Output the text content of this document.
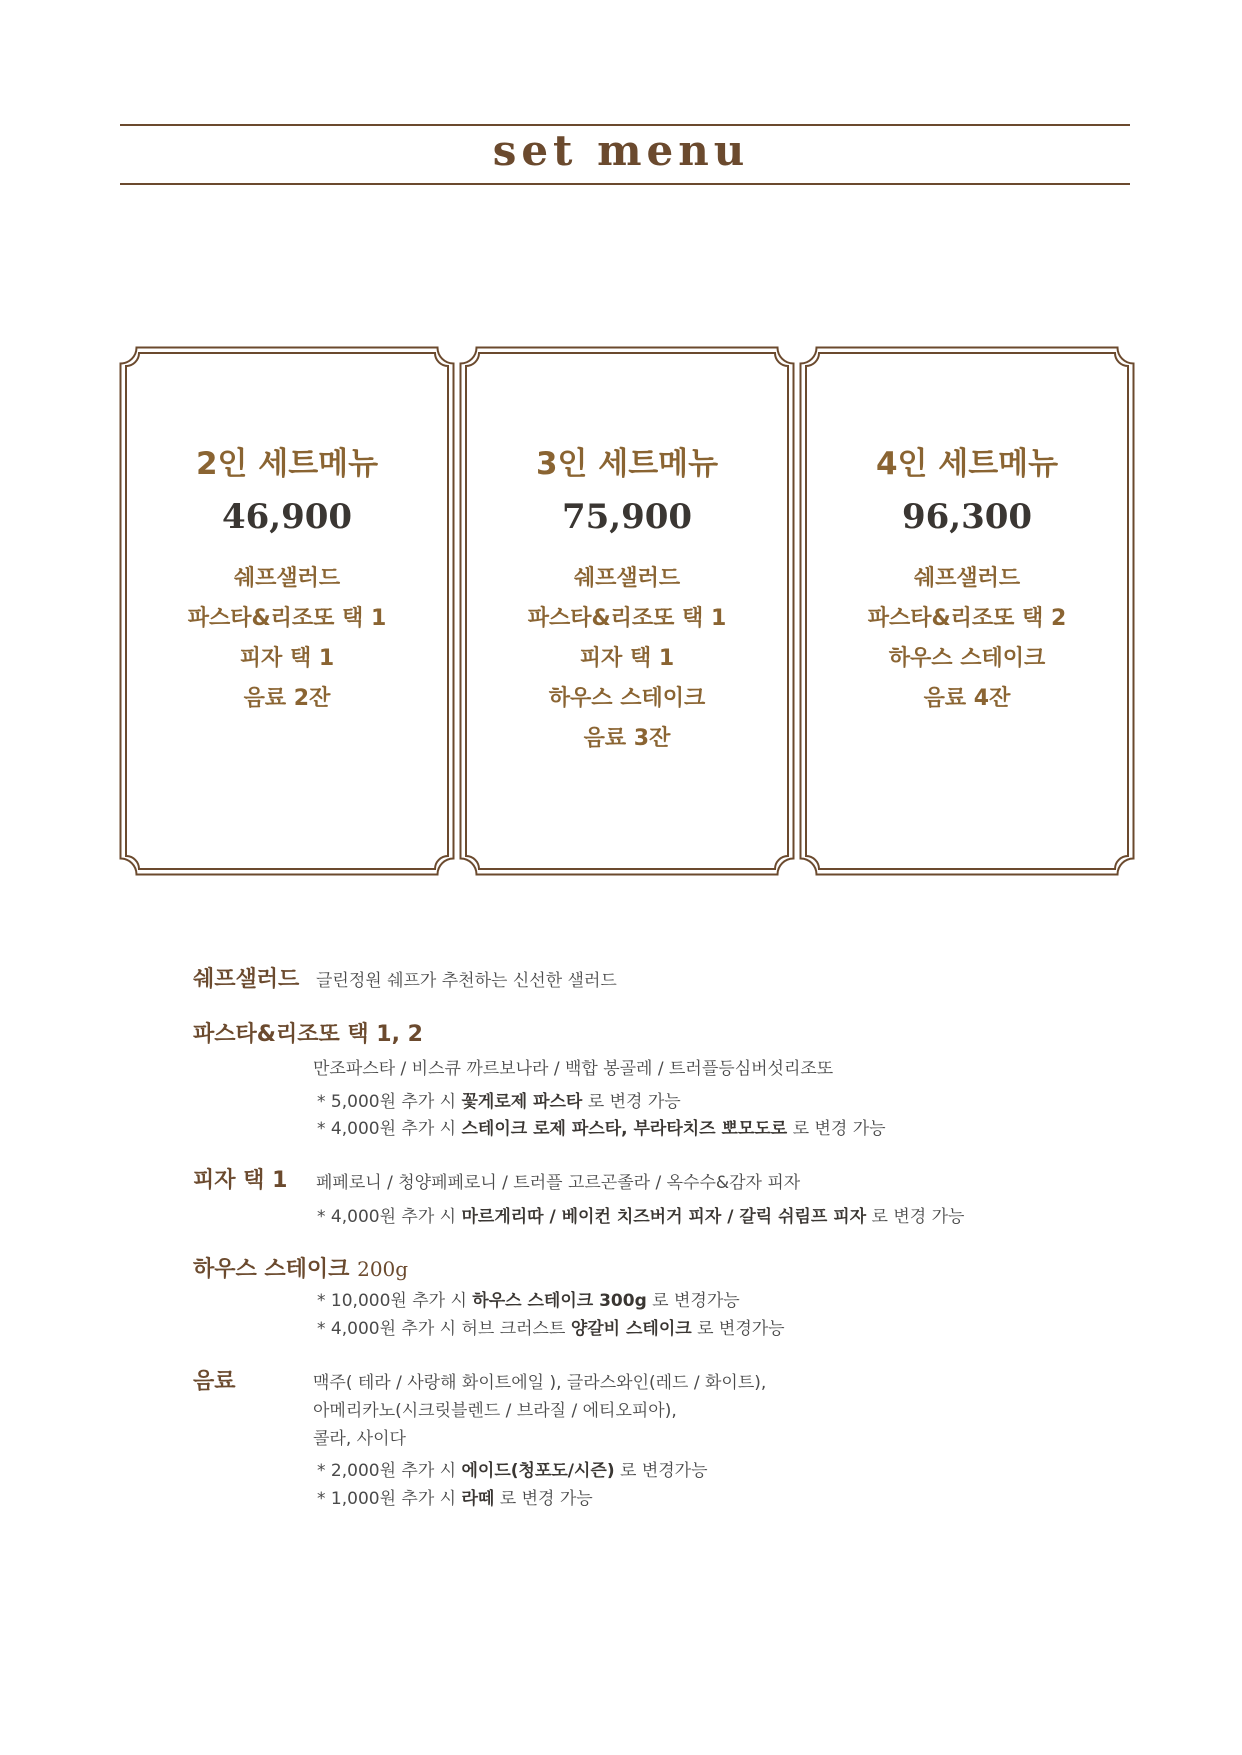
set menu
2인 세트메뉴
46,900
쉐프샐러드
파스타&리조또 택 1
피자 택 1
음료 2잔
3인 세트메뉴
75,900
쉐프샐러드
파스타&리조또 택 1
피자 택 1
하우스 스테이크
음료 3잔
4인 세트메뉴
96,300
쉐프샐러드
파스타&리조또 택 2
하우스 스테이크
음료 4잔
쉐프샐러드 글린정원 쉐프가 추천하는 신선한 샐러드
파스타&리조또 택 1, 2
만조파스타 / 비스큐 까르보나라 / 백합 봉골레 / 트러플등심버섯리조또
* 5,000원 추가 시 꽃게로제 파스타 로 변경 가능
* 4,000원 추가 시 스테이크 로제 파스타, 부라타치즈 뽀모도로 로 변경 가능
피자 택 1 페페로니 / 청양페페로니 / 트러플 고르곤졸라 / 옥수수&감자 피자
* 4,000원 추가 시 마르게리따 / 베이컨 치즈버거 피자 / 갈릭 쉬림프 피자 로 변경 가능
하우스 스테이크 200g
* 10,000원 추가 시 하우스 스테이크 300g 로 변경가능
* 4,000원 추가 시 허브 크러스트 양갈비 스테이크 로 변경가능
음료	맥주( 테라 / 사랑해 화이트에일 ), 글라스와인(레드 / 화이트),
아메리카노(시크릿블렌드 / 브라질 / 에티오피아),
콜라, 사이다
* 2,000원 추가 시 에이드(청포도/시즌) 로 변경가능
* 1,000원 추가 시 라떼 로 변경 가능
